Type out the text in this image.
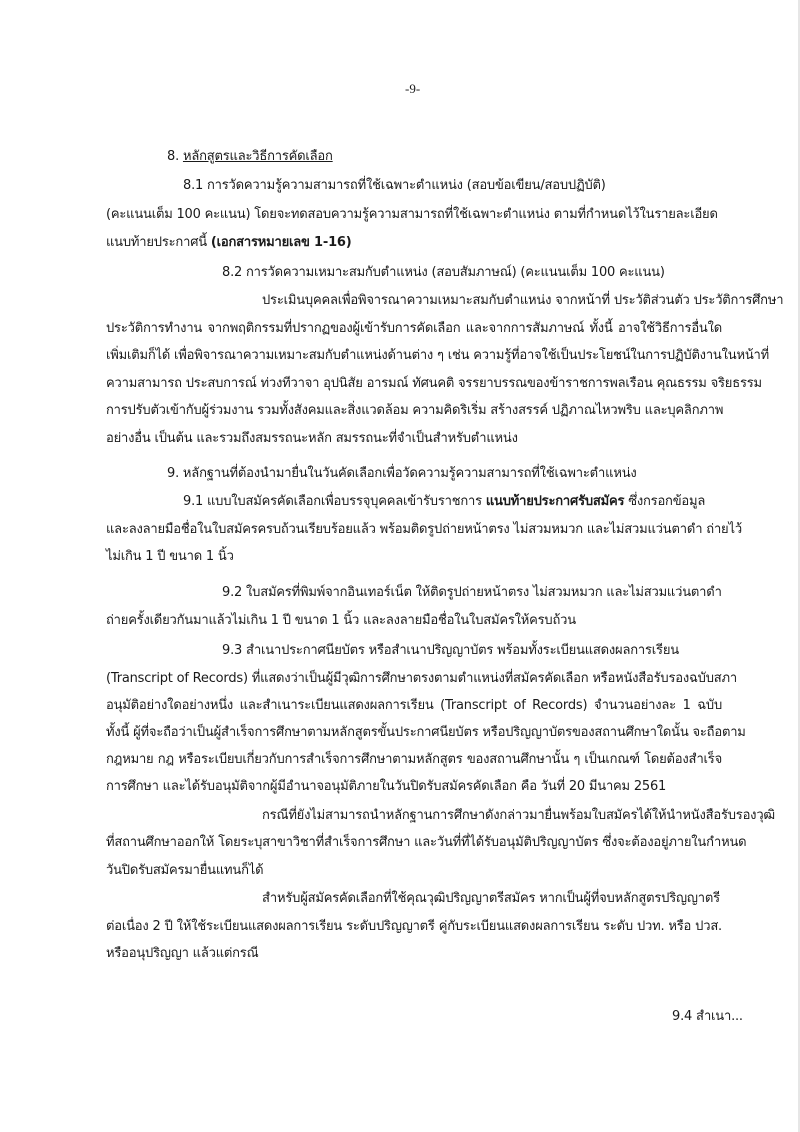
-9-
8. หลักสูตรและวิธีการคัดเลือก
8.1 การวัดความรู้ความสามารถที่ใช้เฉพาะตำแหน่ง (สอบข้อเขียน/สอบปฏิบัติ)
(คะแนนเต็ม 100 คะแนน) โดยจะทดสอบความรู้ความสามารถที่ใช้เฉพาะตำแหน่ง ตามที่กำหนดไว้ในรายละเอียด
แนบท้ายประกาศนี้ (เอกสารหมายเลข 1-16)
8.2 การวัดความเหมาะสมกับตำแหน่ง (สอบสัมภาษณ์) (คะแนนเต็ม 100 คะแนน)
ประเมินบุคคลเพื่อพิจารณาความเหมาะสมกับตำแหน่ง จากหน้าที่ ประวัติส่วนตัว ประวัติการศึกษา
ประวัติการทำงาน จากพฤติกรรมที่ปรากฏของผู้เข้ารับการคัดเลือก และจากการสัมภาษณ์ ทั้งนี้ อาจใช้วิธีการอื่นใด
เพิ่มเติมก็ได้ เพื่อพิจารณาความเหมาะสมกับตำแหน่งด้านต่าง ๆ เช่น ความรู้ที่อาจใช้เป็นประโยชน์ในการปฏิบัติงานในหน้าที่
ความสามารถ ประสบการณ์ ท่วงทีวาจา อุปนิสัย อารมณ์ ทัศนคติ จรรยาบรรณของข้าราชการพลเรือน คุณธรรม จริยธรรม
การปรับตัวเข้ากับผู้ร่วมงาน รวมทั้งสังคมและสิ่งแวดล้อม ความคิดริเริ่ม สร้างสรรค์ ปฏิภาณไหวพริบ และบุคลิกภาพ
อย่างอื่น เป็นต้น และรวมถึงสมรรถนะหลัก สมรรถนะที่จำเป็นสำหรับตำแหน่ง
9. หลักฐานที่ต้องนำมายื่นในวันคัดเลือกเพื่อวัดความรู้ความสามารถที่ใช้เฉพาะตำแหน่ง
9.1 แบบใบสมัครคัดเลือกเพื่อบรรจุบุคคลเข้ารับราชการ แนบท้ายประกาศรับสมัคร ซึ่งกรอกข้อมูล
และลงลายมือชื่อในใบสมัครครบถ้วนเรียบร้อยแล้ว พร้อมติดรูปถ่ายหน้าตรง ไม่สวมหมวก และไม่สวมแว่นตาดำ ถ่ายไว้
ไม่เกิน 1 ปี ขนาด 1 นิ้ว
9.2 ใบสมัครที่พิมพ์จากอินเทอร์เน็ต ให้ติดรูปถ่ายหน้าตรง ไม่สวมหมวก และไม่สวมแว่นตาดำ
ถ่ายครั้งเดียวกันมาแล้วไม่เกิน 1 ปี ขนาด 1 นิ้ว และลงลายมือชื่อในใบสมัครให้ครบถ้วน
9.3 สำเนาประกาศนียบัตร หรือสำเนาปริญญาบัตร พร้อมทั้งระเบียนแสดงผลการเรียน
(Transcript of Records) ที่แสดงว่าเป็นผู้มีวุฒิการศึกษาตรงตามตำแหน่งที่สมัครคัดเลือก หรือหนังสือรับรองฉบับสภา
อนุมัติอย่างใดอย่างหนึ่ง และสำเนาระเบียนแสดงผลการเรียน (Transcript of Records) จำนวนอย่างละ 1 ฉบับ
ทั้งนี้ ผู้ที่จะถือว่าเป็นผู้สำเร็จการศึกษาตามหลักสูตรขั้นประกาศนียบัตร หรือปริญญาบัตรของสถานศึกษาใดนั้น จะถือตาม
กฎหมาย กฎ หรือระเบียบเกี่ยวกับการสำเร็จการศึกษาตามหลักสูตร ของสถานศึกษานั้น ๆ เป็นเกณฑ์ โดยต้องสำเร็จ
การศึกษา และได้รับอนุมัติจากผู้มีอำนาจอนุมัติภายในวันปิดรับสมัครคัดเลือก คือ วันที่ 20 มีนาคม 2561
กรณีที่ยังไม่สามารถนำหลักฐานการศึกษาดังกล่าวมายื่นพร้อมใบสมัครได้ให้นำหนังสือรับรองวุฒิ
ที่สถานศึกษาออกให้ โดยระบุสาขาวิชาที่สำเร็จการศึกษา และวันที่ที่ได้รับอนุมัติปริญญาบัตร ซึ่งจะต้องอยู่ภายในกำหนด
วันปิดรับสมัครมายื่นแทนก็ได้
สำหรับผู้สมัครคัดเลือกที่ใช้คุณวุฒิปริญญาตรีสมัคร หากเป็นผู้ที่จบหลักสูตรปริญญาตรี
ต่อเนื่อง 2 ปี ให้ใช้ระเบียนแสดงผลการเรียน ระดับปริญญาตรี คู่กับระเบียนแสดงผลการเรียน ระดับ ปวท. หรือ ปวส.
หรืออนุปริญญา แล้วแต่กรณี
9.4 สำเนา...
